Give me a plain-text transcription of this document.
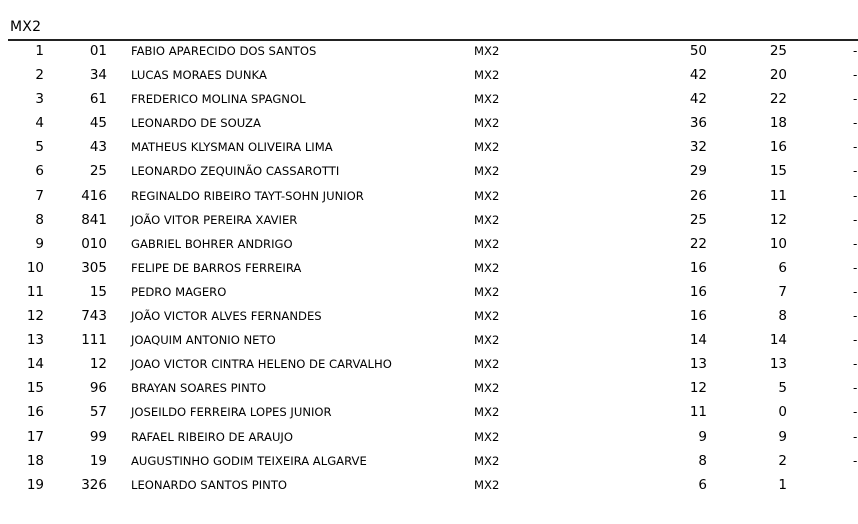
MX2
1	01 FABIO APARECIDO DOS SANTOS	MX2	50	25	-
2	34 LUCAS MORAES DUNKA	MX2	42	20	-
3	61 FREDERICO MOLINA SPAGNOL	MX2	42	22	-
4	45 LEONARDO DE SOUZA	MX2	36	18	-
5	43 MATHEUS KLYSMAN OLIVEIRA LIMA	MX2	32	16	-
6	25 LEONARDO ZEQUINÃO CASSAROTTI	MX2	29	15	-
7	416 REGINALDO RIBEIRO TAYT-SOHN JUNIOR	MX2	26	11	-
8	841 JOÃO VITOR PEREIRA XAVIER	MX2	25	12	-
9	010 GABRIEL BOHRER ANDRIGO	MX2	22	10	-
10	305 FELIPE DE BARROS FERREIRA	MX2	16	6	-
11	15 PEDRO MAGERO	MX2	16	7	-
12	743 JOÃO VICTOR ALVES FERNANDES	MX2	16	8	-
13	111 JOAQUIM ANTONIO NETO	MX2	14	14	-
14	12 JOAO VICTOR CINTRA HELENO DE CARVALHO	MX2	13	13	-
15	96 BRAYAN SOARES PINTO	MX2	12	5	-
16	57 JOSEILDO FERREIRA LOPES JUNIOR	MX2	11	0	-
17	99 RAFAEL RIBEIRO DE ARAUJO	MX2	9	9	-
18	19 AUGUSTINHO GODIM TEIXEIRA ALGARVE	MX2	8	2	-
19	326 LEONARDO SANTOS PINTO	MX2	6	1
